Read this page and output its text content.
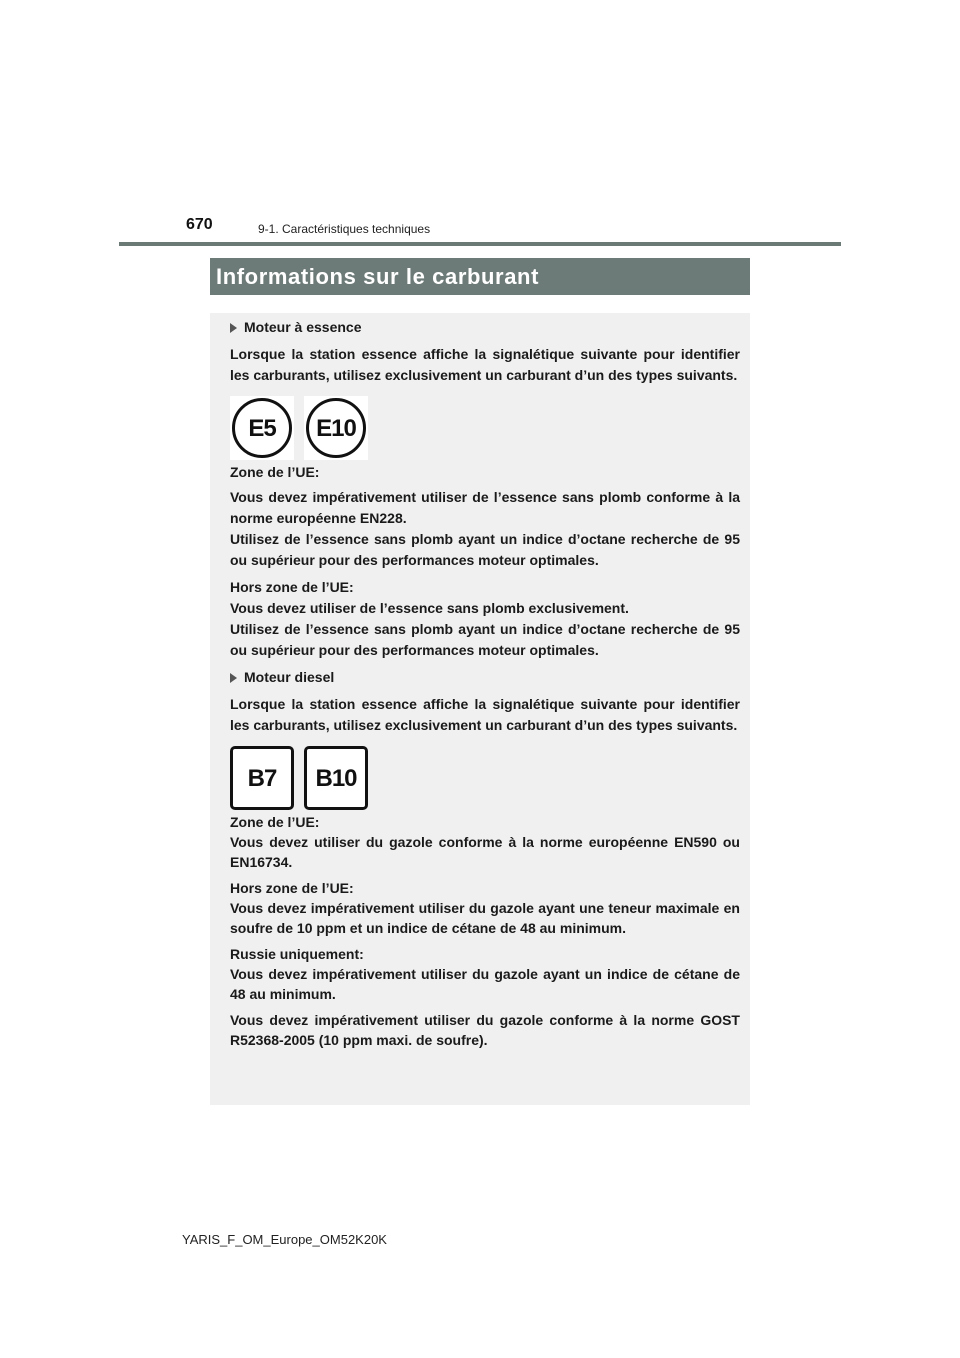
670	9-1. Caractéristiques techniques
Informations sur le carburant
Moteur à essence

Lorsque la station essence affiche la signalétique suivante pour identifier les carburants, utilisez exclusivement un carburant d’un des types suivants.

E5	E10

Zone de l’UE:

Vous devez impérativement utiliser de l’essence sans plomb conforme à la norme européenne EN228.

Utilisez de l’essence sans plomb ayant un indice d’octane recherche de 95 ou supérieur pour des performances moteur optimales.

Hors zone de l’UE:

Vous devez utiliser de l’essence sans plomb exclusivement.

Utilisez de l’essence sans plomb ayant un indice d’octane recherche de 95 ou supérieur pour des performances moteur optimales.

Moteur diesel

Lorsque la station essence affiche la signalétique suivante pour identifier les carburants, utilisez exclusivement un carburant d’un des types suivants.

B7	B10

Zone de l’UE:

Vous devez utiliser du gazole conforme à la norme européenne EN590 ou EN16734.

Hors zone de l’UE:

Vous devez impérativement utiliser du gazole ayant une teneur maximale en soufre de 10 ppm et un indice de cétane de 48 au minimum.

Russie uniquement:

Vous devez impérativement utiliser du gazole ayant un indice de cétane de 48 au minimum.

Vous devez impérativement utiliser du gazole conforme à la norme GOST R52368-2005 (10 ppm maxi. de soufre).

YARIS_F_OM_Europe_OM52K20K
